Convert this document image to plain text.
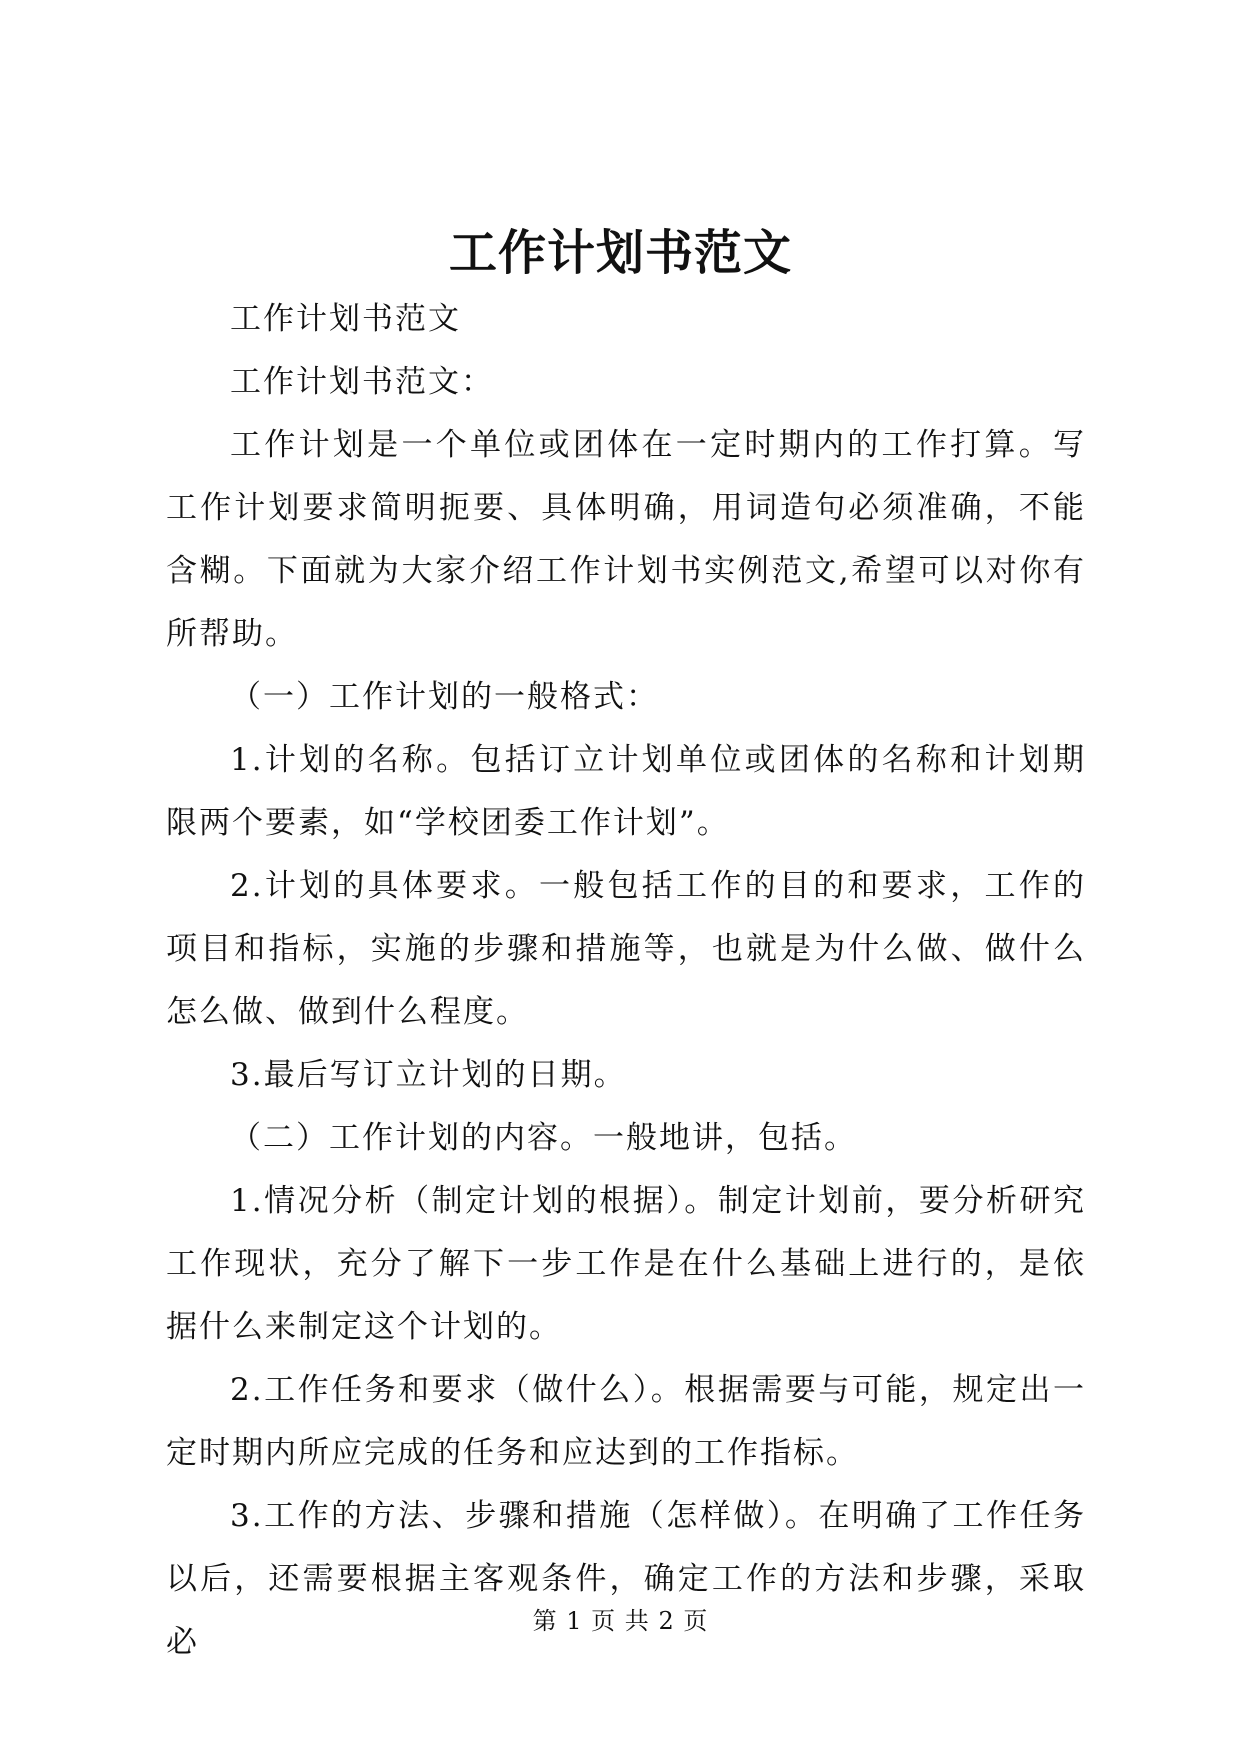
工作计划书范文

工作计划书范文

工作计划书范文：

工作计划是一个单位或团体在一定时期内的工作打算。写工作计划要求简明扼要、具体明确，用词造句必须准确，不能含糊。下面就为大家介绍工作计划书实例范文,希望可以对你有所帮助。

（一）工作计划的一般格式：

1.计划的名称。包括订立计划单位或团体的名称和计划期限两个要素，如“学校团委工作计划”。

2.计划的具体要求。一般包括工作的目的和要求，工作的项目和指标，实施的步骤和措施等，也就是为什么做、做什么怎么做、做到什么程度。

3.最后写订立计划的日期。

（二）工作计划的内容。一般地讲，包括。

1.情况分析（制定计划的根据）。制定计划前，要分析研究工作现状，充分了解下一步工作是在什么基础上进行的，是依据什么来制定这个计划的。

2.工作任务和要求（做什么）。根据需要与可能，规定出一定时期内所应完成的任务和应达到的工作指标。

3.工作的方法、步骤和措施（怎样做）。在明确了工作任务以后，还需要根据主客观条件，确定工作的方法和步骤，采取必

第 1 页 共 2 页
